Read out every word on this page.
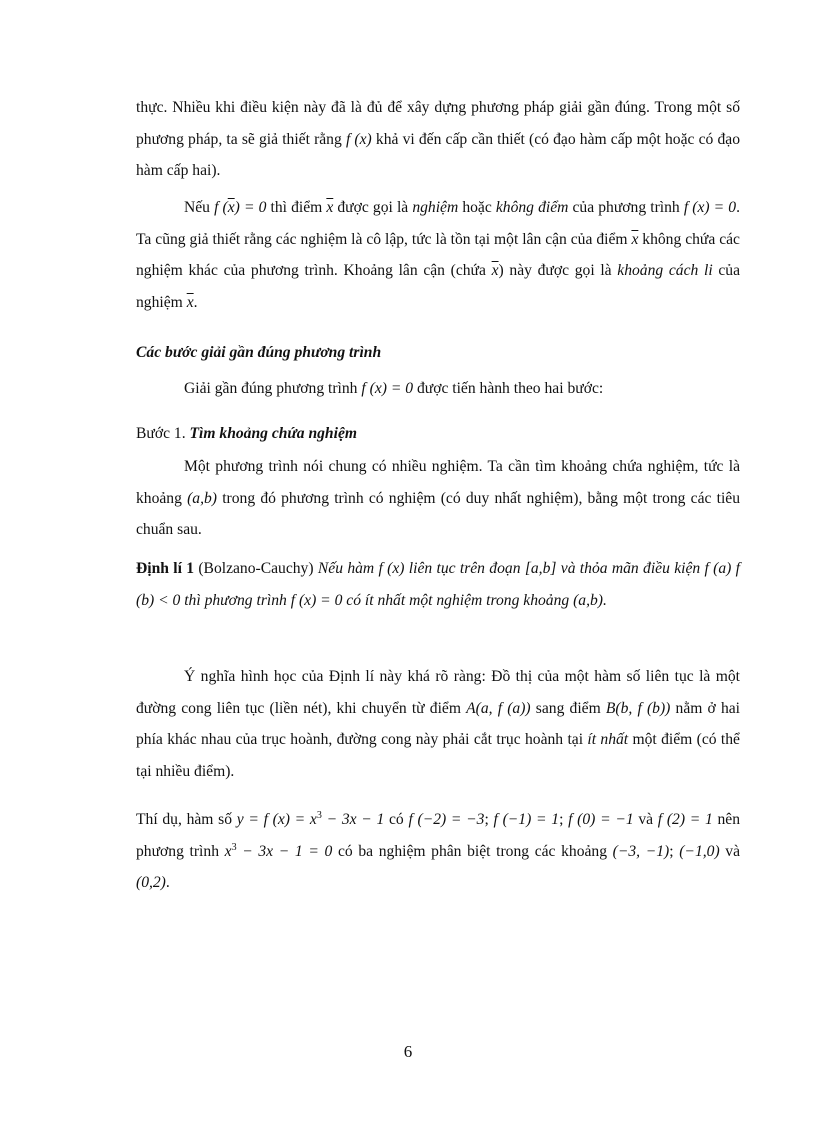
thực. Nhiều khi điều kiện này đã là đủ để xây dựng phương pháp giải gần đúng. Trong một số phương pháp, ta sẽ giả thiết rằng f (x) khả vi đến cấp cần thiết (có đạo hàm cấp một hoặc có đạo hàm cấp hai).

Nếu f $(\overline{x}) = 0$ thì điểm $\overline{x}$ được gọi là nghiệm hoặc không điểm của phương trình f (x) = 0. Ta cũng giả thiết rằng các nghiệm là cô lập, tức là tồn tại một lân cận của điểm $\overline{x}$ không chứa các nghiệm khác của phương trình. Khoảng lân cận (chứa $\overline{x}$) này được gọi là khoảng cách li của nghiệm $\overline{x}$.

Các bước giải gần đúng phương trình

Giải gần đúng phương trình f (x) = 0 được tiến hành theo hai bước:

Bước 1. Tìm khoảng chứa nghiệm

Một phương trình nói chung có nhiều nghiệm. Ta cần tìm khoảng chứa nghiệm, tức là khoảng (a,b) trong đó phương trình có nghiệm (có duy nhất nghiệm), bằng một trong các tiêu chuẩn sau.

Định lí 1 (Bolzano-Cauchy) Nếu hàm f (x) liên tục trên đoạn [a,b] và thỏa mãn điều kiện f (a) f (b) < 0 thì phương trình f (x) = 0 có ít nhất một nghiệm trong khoảng (a,b).

Ý nghĩa hình học của Định lí này khá rõ ràng: Đồ thị của một hàm số liên tục là một đường cong liên tục (liền nét), khi chuyển từ điểm A(a, f (a)) sang điểm B(b, f (b)) nằm ở hai phía khác nhau của trục hoành, đường cong này phải cắt trục hoành tại ít nhất một điểm (có thể tại nhiều điểm).

Thí dụ, hàm số y = f $(x) = x^3 - 3x - 1$ có f (−2) = −3; f (−1) = 1; f (0) = −1 và f (2) = 1 nên phương trình $x^3 - 3x - 1 = 0$ có ba nghiệm phân biệt trong các khoảng (−3, −1); (−1,0) và (0,2).

6
